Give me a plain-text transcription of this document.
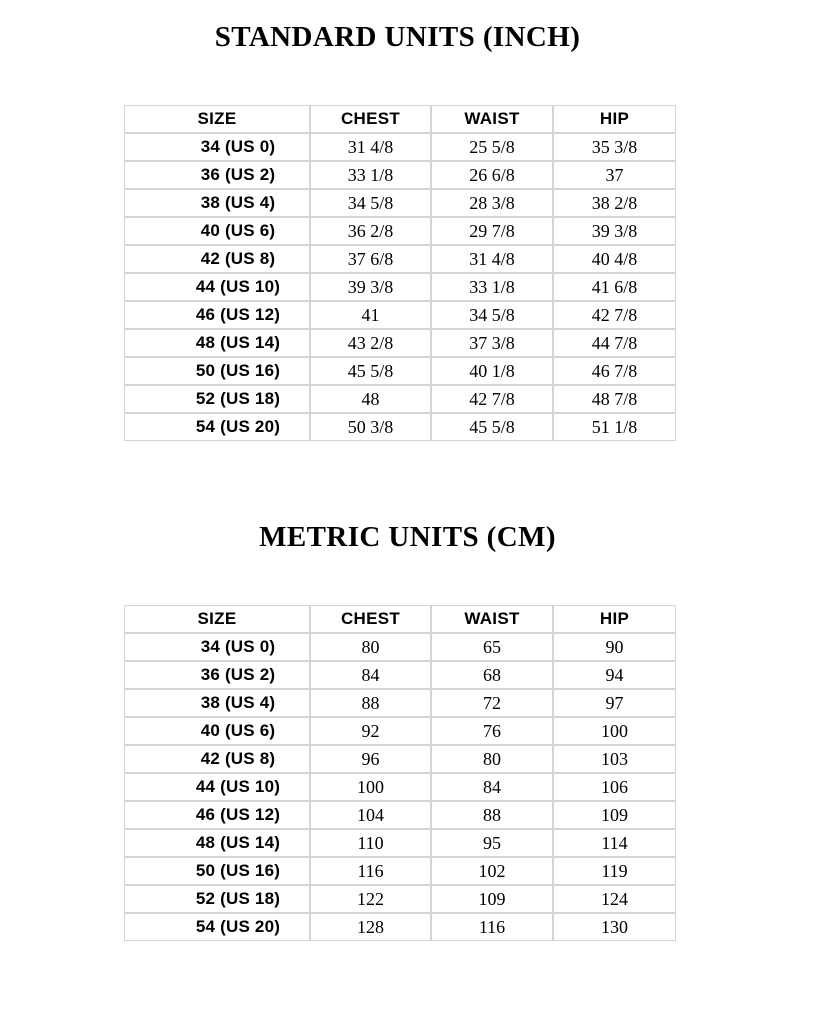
STANDARD UNITS (INCH)
SIZE	CHEST	WAIST	HIP
34 (US 0)	31 4/8	25 5/8	35 3/8
36 (US 2)	33 1/8	26 6/8	37
38 (US 4)	34 5/8	28 3/8	38 2/8
40 (US 6)	36 2/8	29 7/8	39 3/8
42 (US 8)	37 6/8	31 4/8	40 4/8
44 (US 10)	39 3/8	33 1/8	41 6/8
46 (US 12)	41	34 5/8	42 7/8
48 (US 14)	43 2/8	37 3/8	44 7/8
50 (US 16)	45 5/8	40 1/8	46 7/8
52 (US 18)	48	42 7/8	48 7/8
54 (US 20)	50 3/8	45 5/8	51 1/8
METRIC UNITS (CM)
SIZE	CHEST	WAIST	HIP
34 (US 0)	80	65	90
36 (US 2)	84	68	94
38 (US 4)	88	72	97
40 (US 6)	92	76	100
42 (US 8)	96	80	103
44 (US 10)	100	84	106
46 (US 12)	104	88	109
48 (US 14)	110	95	114
50 (US 16)	116	102	119
52 (US 18)	122	109	124
54 (US 20)	128	116	130
